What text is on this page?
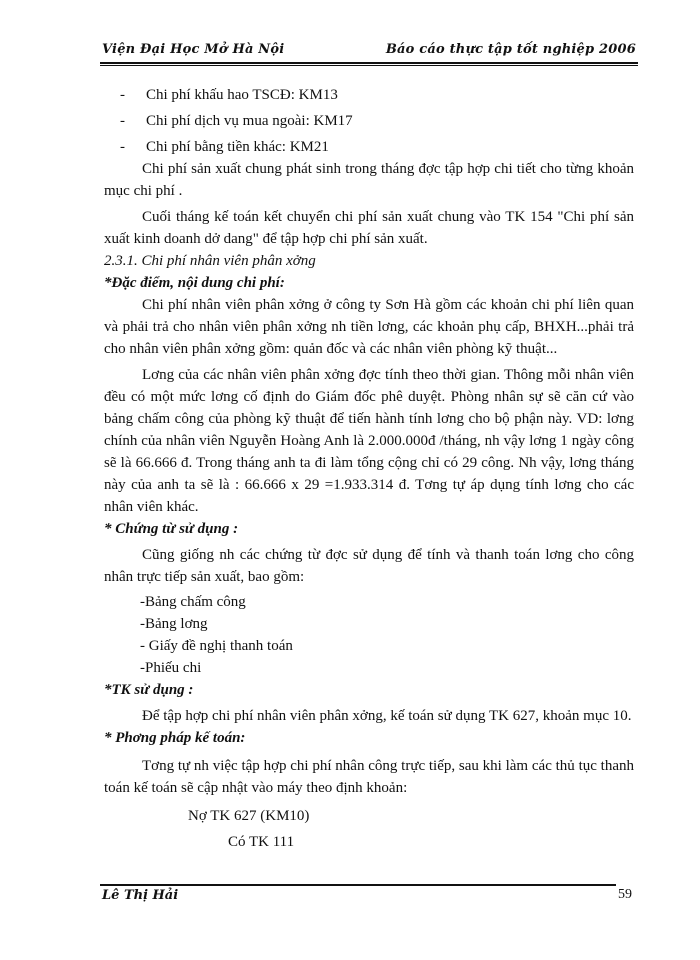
Viện Đại Học Mở Hà Nội	Báo cáo thực tập tốt nghiệp 2006

- Chi phí khấu hao TSCĐ: KM13

- Chi phí dịch vụ mua ngoài: KM17

- Chi phí bằng tiền khác: KM21

Chi phí sản xuất chung phát sinh trong tháng đợc tập hợp chi tiết cho từng khoản mục chi phí .

Cuối tháng kế toán kết chuyển chi phí sản xuất chung vào TK 154 "Chi phí sản xuất kinh doanh dở dang" để tập hợp chi phí sản xuất.

2.3.1. Chi phí nhân viên phân xởng

*Đặc điểm, nội dung chi phí:

Chi phí nhân viên phân xởng ở công ty Sơn Hà gồm các khoản chi phí liên quan và phải trả cho nhân viên phân xởng nh tiền lơng, các khoản phụ cấp, BHXH...phải trả cho nhân viên phân xởng gồm: quản đốc và các nhân viên phòng kỹ thuật...

Lơng của các nhân viên phân xởng đợc tính theo thời gian. Thông mỗi nhân viên đều có một mức lơng cố định do Giám đốc phê duyệt. Phòng nhân sự sẽ căn cứ vào bảng chấm công của phòng kỹ thuật để tiến hành tính lơng cho bộ phận này. VD: lơng chính của nhân viên Nguyễn Hoàng Anh là 2.000.000đ /tháng, nh vậy lơng 1 ngày công sẽ là 66.666 đ. Trong tháng anh ta đi làm tổng cộng chỉ có 29 công. Nh vậy, lơng tháng này của anh ta sẽ là : 66.666 x 29 =1.933.314 đ. Tơng tự áp dụng tính lơng cho các nhân viên khác.

* Chứng từ sử dụng :

Cũng giống nh các chứng từ đợc sử dụng để tính và thanh toán lơng cho công nhân trực tiếp sản xuất, bao gồm:

-Bảng chấm công

-Bảng lơng

- Giấy đề nghị thanh toán

-Phiếu chi

*TK sử dụng :

Để tập hợp chi phí nhân viên phân xởng, kế toán sử dụng TK 627, khoản mục 10.

* Phơng pháp kế toán:

Tơng tự nh việc tập hợp chi phí nhân công trực tiếp, sau khi làm các thủ tục thanh toán kế toán sẽ cập nhật vào máy theo định khoản:

Nợ TK 627 (KM10)

Có TK 111

Lê Thị Hải	59
